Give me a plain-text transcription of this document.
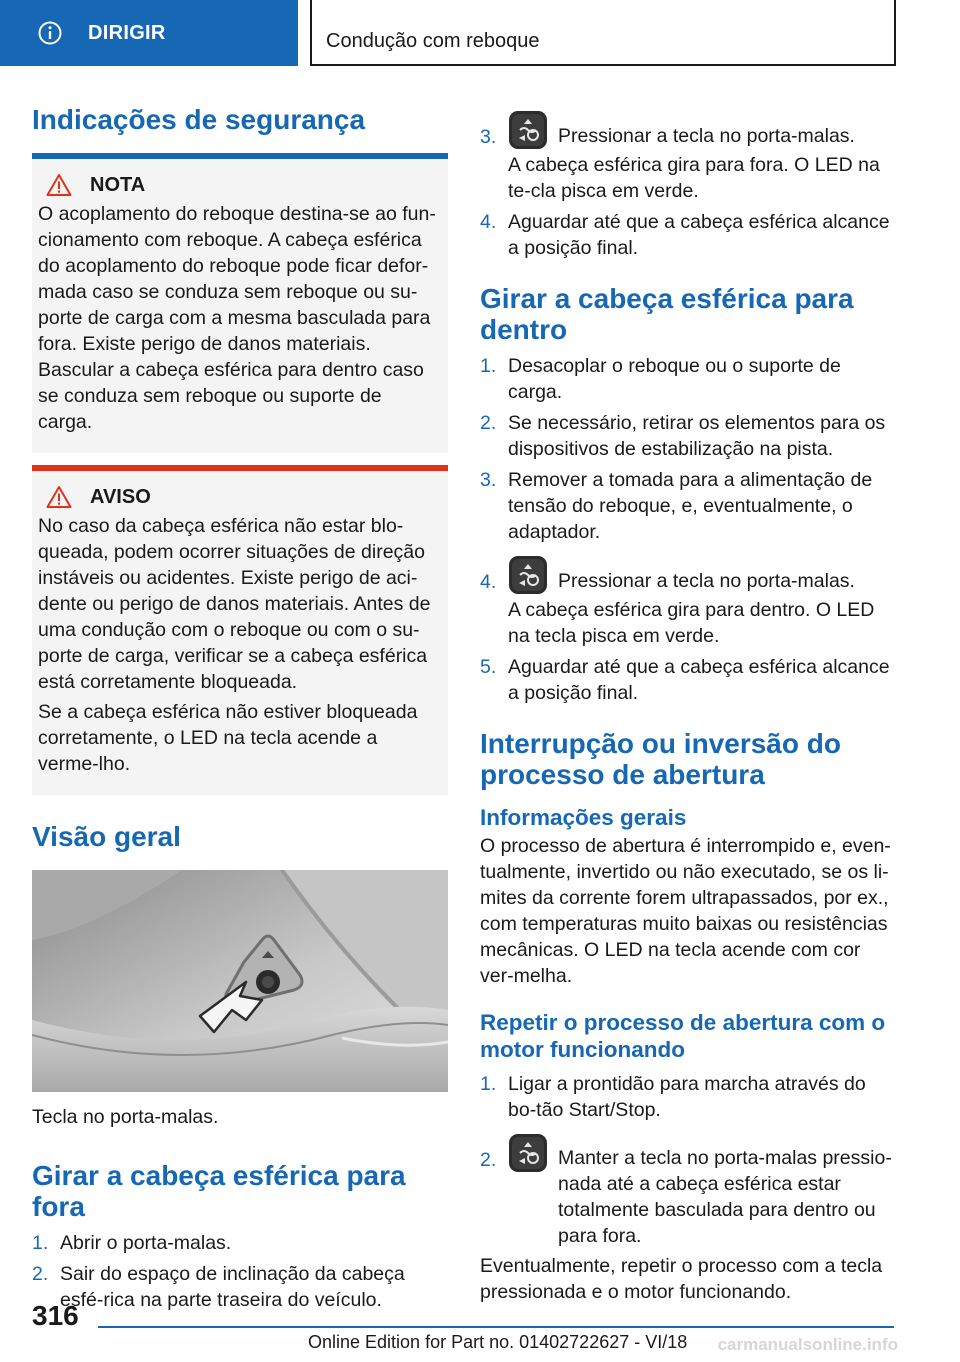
DIRIGIR	Condução com reboque
Indicações de segurança
NOTA

O acoplamento do reboque destina-se ao fun-cionamento com reboque. A cabeça esférica do acoplamento do reboque pode ficar defor-mada caso se conduza sem reboque ou su-porte de carga com a mesma basculada para fora. Existe perigo de danos materiais. Bascular a cabeça esférica para dentro caso se conduza sem reboque ou suporte de carga.

AVISO

No caso da cabeça esférica não estar blo-queada, podem ocorrer situações de direção instáveis ou acidentes. Existe perigo de aci-dente ou perigo de danos materiais. Antes de uma condução com o reboque ou com o su-porte de carga, verificar se a cabeça esférica está corretamente bloqueada.

Se a cabeça esférica não estiver bloqueada corretamente, o LED na tecla acende a verme-lho.

Visão geral

Tecla no porta-malas.

Girar a cabeça esférica para fora
1. Abrir o porta-malas.
2. Sair do espaço de inclinação da cabeça esfé-rica na parte traseira do veículo.
3.	Pressionar a tecla no porta-malas.
A cabeça esférica gira para fora. O LED na te-cla pisca em verde.
4. Aguardar até que a cabeça esférica alcance a posição final.
Girar a cabeça esférica para dentro
1. Desacoplar o reboque ou o suporte de carga.
2. Se necessário, retirar os elementos para os dispositivos de estabilização na pista.
3. Remover a tomada para a alimentação de tensão do reboque, e, eventualmente, o adaptador.
4.	Pressionar a tecla no porta-malas.
A cabeça esférica gira para dentro. O LED na tecla pisca em verde.
5. Aguardar até que a cabeça esférica alcance a posição final.
Interrupção ou inversão do processo de abertura
Informações gerais

O processo de abertura é interrompido e, even-tualmente, invertido ou não executado, se os li-mites da corrente forem ultrapassados, por ex., com temperaturas muito baixas ou resistências mecânicas. O LED na tecla acende com cor ver-melha.

Repetir o processo de abertura com o motor funcionando
1. Ligar a prontidão para marcha através do bo-tão Start/Stop.
2.	Manter a tecla no porta-malas pressio-nada até a cabeça esférica estar totalmente basculada para dentro ou para fora.

Eventualmente, repetir o processo com a tecla pressionada e o motor funcionando.

316
Online Edition for Part no. 01402722627 - VI/18 carmanualsonline.info
